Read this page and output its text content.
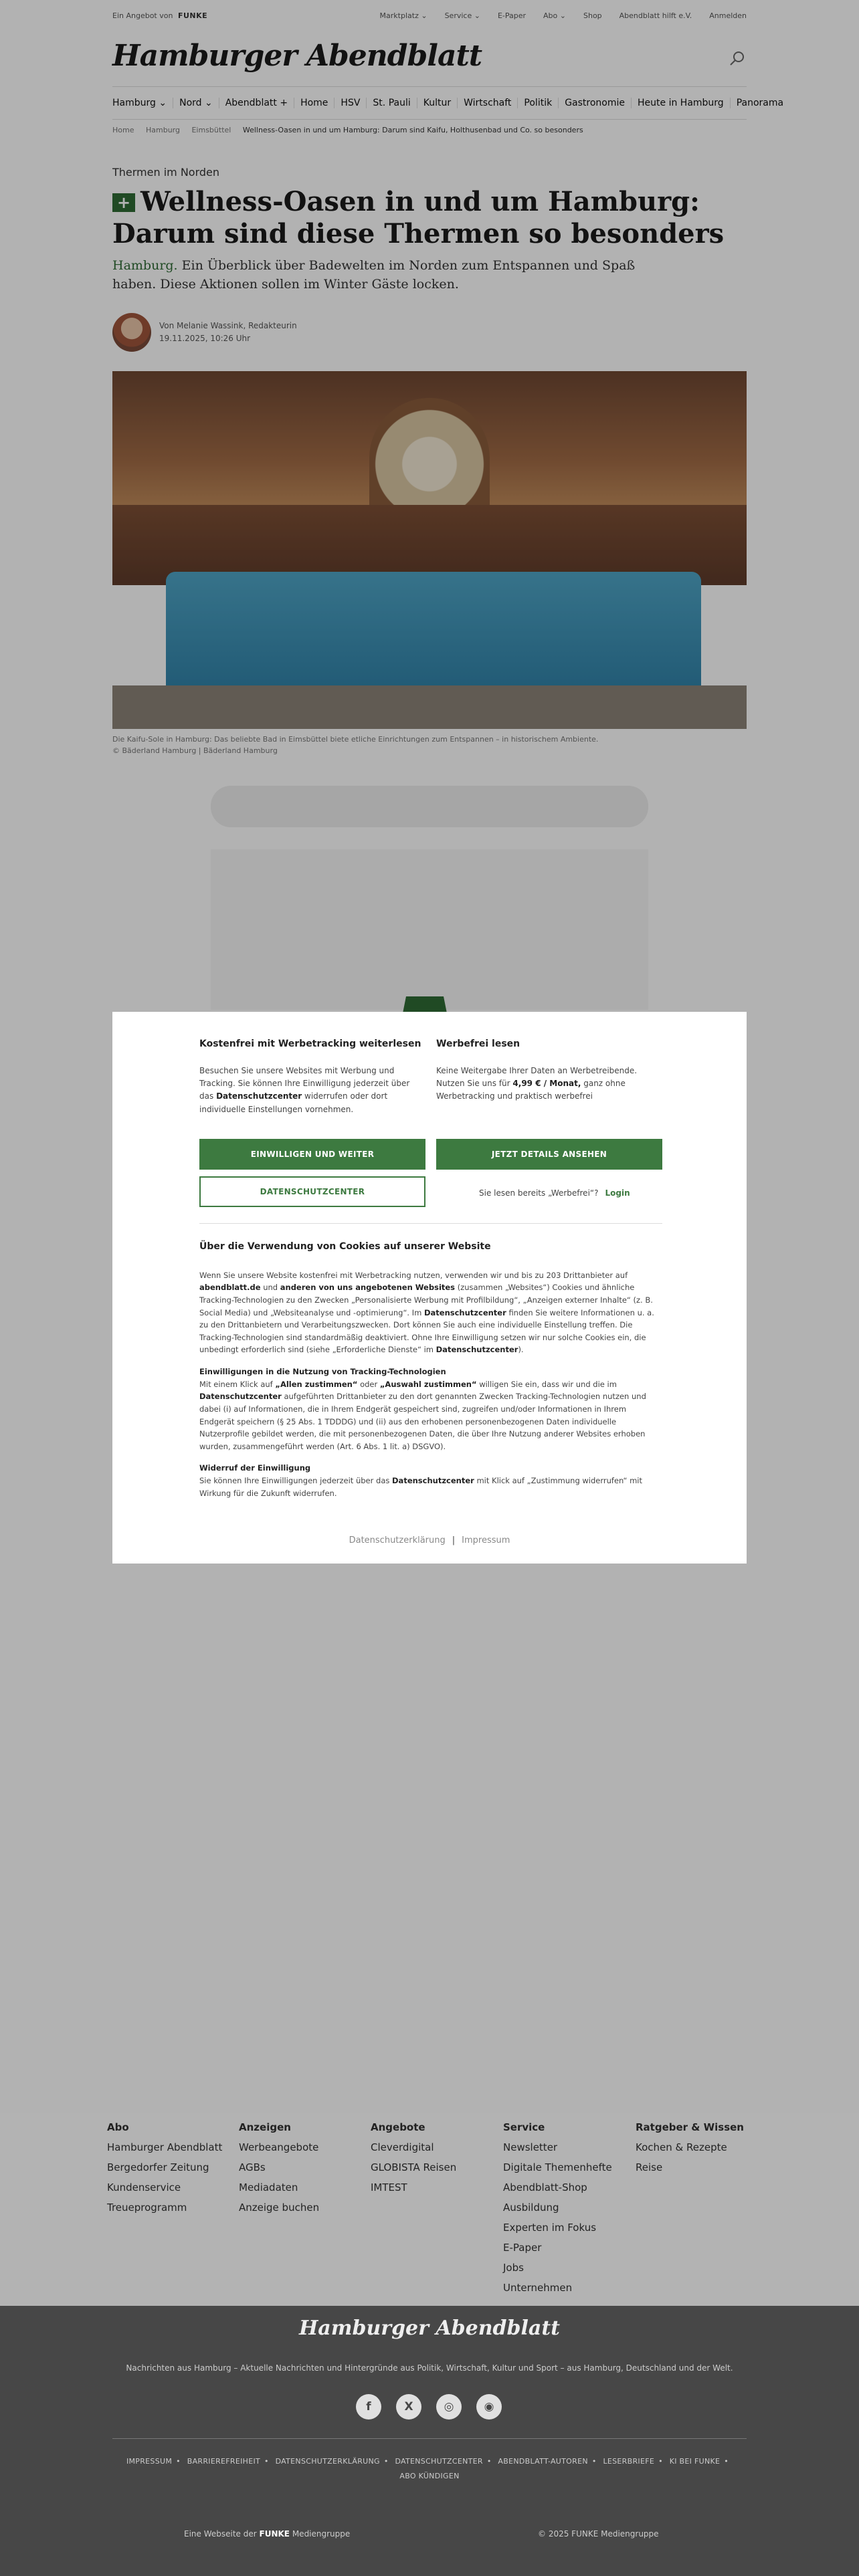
Ein Angebot von FUNKE	Marktplatz ⌄ Service ⌄ E-Paper Abo ⌄ Shop Abendblatt hilft e.V. Anmelden
Hamburger Abendblatt
Hamburg ⌄	Nord ⌄	Abendblatt +	Home	HSV	St. Pauli	Kultur	Wirtschaft	Politik	Gastronomie	Heute in Hamburg	Panorama
Home Hamburg Eimsbüttel Wellness-Oasen in und um Hamburg: Darum sind Kaifu, Holthusenbad und Co. so besonders
Thermen im Norden
+ Wellness-Oasen in und um Hamburg: Darum sind diese Thermen so besonders

Hamburg. Ein Überblick über Badewelten im Norden zum Entspannen und Spaß haben. Diese Aktionen sollen im Winter Gäste locken.

Von Melanie Wassink, Redakteurin
19.11.2025, 10:26 Uhr
Die Kaifu-Sole in Hamburg: Das beliebte Bad in Eimsbüttel biete etliche Einrichtungen zum Entspannen – in historischem Ambiente.
© Bäderland Hamburg | Bäderland Hamburg
Kostenfrei mit Werbetracking weiterlesen

Besuchen Sie unsere Websites mit Werbung und Tracking. Sie können Ihre Einwilligung jederzeit über das Datenschutzcenter widerrufen oder dort individuelle Einstellungen vornehmen.

Werbefrei lesen

Keine Weitergabe Ihrer Daten an Werbetreibende. Nutzen Sie uns für 4,99 € / Monat, ganz ohne Werbetracking und praktisch werbefrei

EINWILLIGEN UND WEITER	JETZT DETAILS ANSEHEN
DATENSCHUTZCENTER	Sie lesen bereits „Werbefrei“? Login
Über die Verwendung von Cookies auf unserer Website

Wenn Sie unsere Website kostenfrei mit Werbetracking nutzen, verwenden wir und bis zu 203 Drittanbieter auf abendblatt.de und anderen von uns angebotenen Websites (zusammen „Websites“) Cookies und ähnliche Tracking-Technologien zu den Zwecken „Personalisierte Werbung mit Profilbildung“, „Anzeigen externer Inhalte“ (z. B. Social Media) und „Websiteanalyse und -optimierung“. Im Datenschutzcenter finden Sie weitere Informationen u. a. zu den Drittanbietern und Verarbeitungszwecken. Dort können Sie auch eine individuelle Einstellung treffen. Die Tracking-Technologien sind standardmäßig deaktiviert. Ohne Ihre Einwilligung setzen wir nur solche Cookies ein, die unbedingt erforderlich sind (siehe „Erforderliche Dienste“ im Datenschutzcenter).

Einwilligungen in die Nutzung von Tracking-Technologien

Mit einem Klick auf „Allen zustimmen“ oder „Auswahl zustimmen“ willigen Sie ein, dass wir und die im Datenschutzcenter aufgeführten Drittanbieter zu den dort genannten Zwecken Tracking-Technologien nutzen und dabei (i) auf Informationen, die in Ihrem Endgerät gespeichert sind, zugreifen und/oder Informationen in Ihrem Endgerät speichern (§ 25 Abs. 1 TDDDG) und (ii) aus den erhobenen personenbezogenen Daten individuelle Nutzerprofile gebildet werden, die mit personenbezogenen Daten, die über Ihre Nutzung anderer Websites erhoben wurden, zusammengeführt werden (Art. 6 Abs. 1 lit. a) DSGVO).

Widerruf der Einwilligung

Sie können Ihre Einwilligungen jederzeit über das Datenschutzcenter mit Klick auf „Zustimmung widerrufen“ mit Wirkung für die Zukunft widerrufen.

Datenschutzerklärung | Impressum
Abo
Hamburger Abendblatt
Bergedorfer Zeitung
Kundenservice
Treueprogramm
Anzeigen
Werbeangebote
AGBs
Mediadaten
Anzeige buchen
Angebote
Cleverdigital
GLOBISTA Reisen
IMTEST
Service
Newsletter
Digitale Themenhefte
Abendblatt-Shop
Ausbildung
Experten im Fokus
E-Paper
Jobs
Unternehmen
Ratgeber & Wissen
Kochen & Rezepte
Reise
Hamburger Abendblatt
Nachrichten aus Hamburg – Aktuelle Nachrichten und Hintergründe aus Politik, Wirtschaft, Kultur und Sport – aus Hamburg, Deutschland und der Welt.
f	X	◎	◉
IMPRESSUM • BARRIEREFREIHEIT • DATENSCHUTZERKLÄRUNG • DATENSCHUTZCENTER • ABENDBLATT-AUTOREN • LESERBRIEFE • KI BEI FUNKE • ABO KÜNDIGEN
Eine Webseite der FUNKE Mediengruppe	© 2025 FUNKE Mediengruppe
